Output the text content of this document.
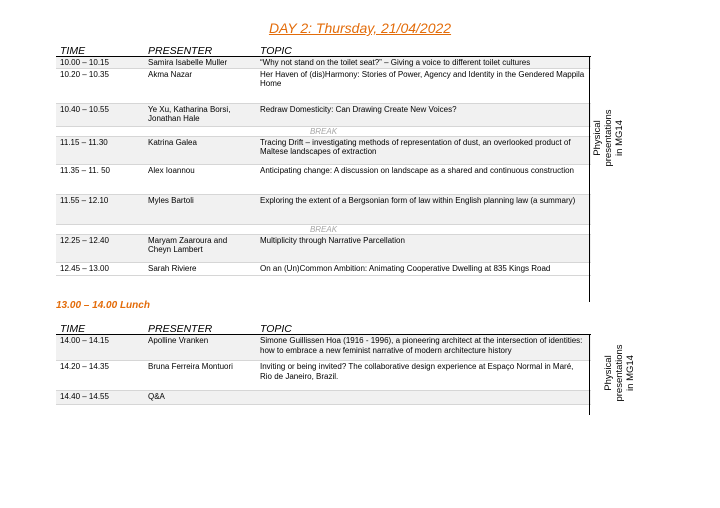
DAY 2: Thursday, 21/04/2022
TIME	PRESENTER	TOPIC
10.00 – 10.15	Samira Isabelle Muller	“Why not stand on the toilet seat?” – Giving a voice to different toilet cultures
10.20 – 10.35	Akma Nazar	Her Haven of (dis)Harmony: Stories of Power, Agency and Identity in the Gendered Mappila Home
10.40 – 10.55	Ye Xu, Katharina Borsi, Jonathan Hale	Redraw Domesticity: Can Drawing Create New Voices?
BREAK		
11.15 – 11.30	Katrina Galea	Tracing Drift – investigating methods of representation of dust, an overlooked product of Maltese landscapes of extraction
11.35 – 11. 50	Alex Ioannou	Anticipating change: A discussion on landscape as a shared and continuous construction
11.55 – 12.10	Myles Bartoli	Exploring the extent of a Bergsonian form of law within English planning law (a summary)
BREAK		
12.25 – 12.40	Maryam Zaaroura and Cheyn Lambert	Multiplicity through Narrative Parcellation
12.45 – 13.00	Sarah Riviere	On an (Un)Common Ambition: Animating Cooperative Dwelling at 835 Kings Road
13.00 – 14.00 Lunch
TIME	PRESENTER	TOPIC
14.00 – 14.15	Apolline Vranken	Simone Guillissen Hoa (1916 - 1996), a pioneering architect at the intersection of identities: how to embrace a new feminist narrative of modern architecture history
14.20 – 14.35	Bruna Ferreira Montuori	Inviting or being invited? The collaborative design experience at Espaço Normal in Maré, Rio de Janeiro, Brazil.
14.40 – 14.55	Q&A	
Physical presentations in MG14
Physical presentations in MG14
